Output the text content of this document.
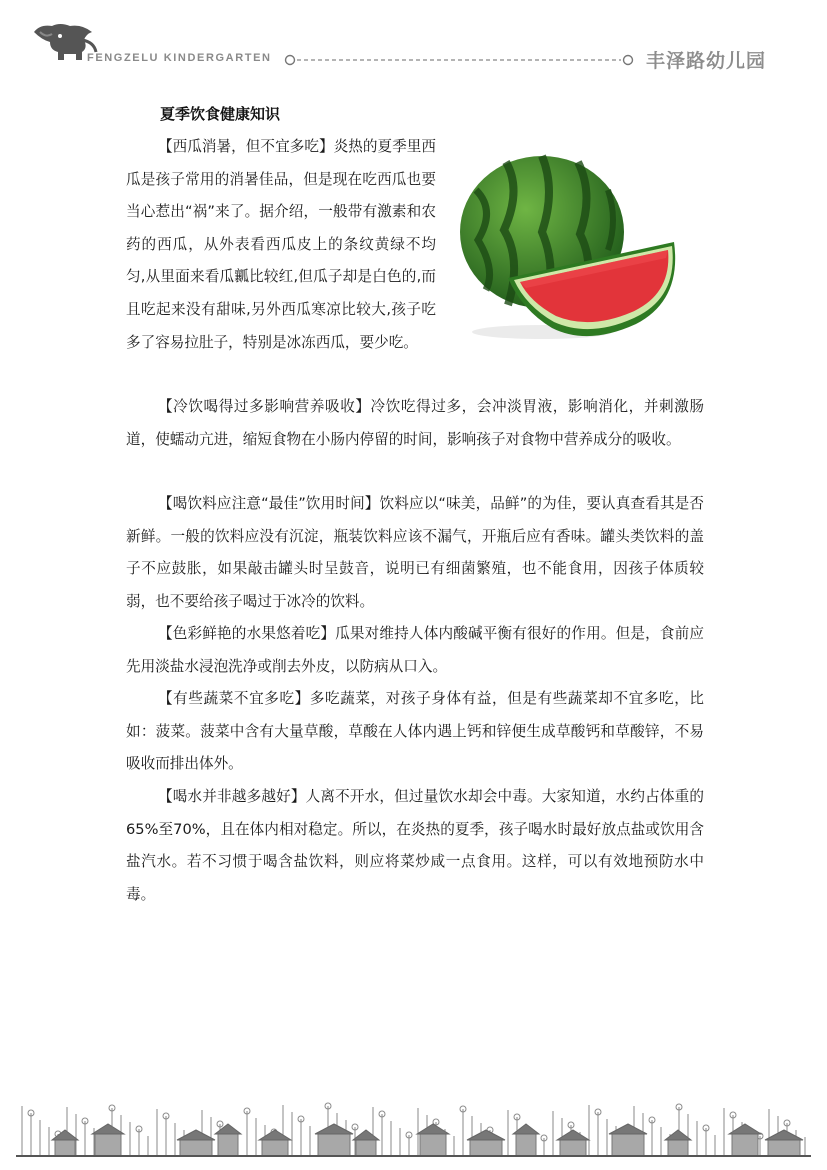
FENGZELU KINDERGARTEN	丰泽路幼儿园
夏季饮食健康知识
【西瓜消暑，但不宜多吃】炎热的夏季里西瓜是孩子常用的消暑佳品，但是现在吃西瓜也要当心惹出“祸”来了。据介绍，一般带有激素和农药的西瓜，从外表看西瓜皮上的条纹黄绿不均匀,从里面来看瓜瓤比较红,但瓜子却是白色的,而且吃起来没有甜味,另外西瓜寒凉比较大,孩子吃多了容易拉肚子，特别是冰冻西瓜，要少吃。
【冷饮喝得过多影响营养吸收】冷饮吃得过多，会冲淡胃液，影响消化，并刺激肠道，使蠕动亢进，缩短食物在小肠内停留的时间，影响孩子对食物中营养成分的吸收。
【喝饮料应注意“最佳”饮用时间】饮料应以“味美，品鲜”的为佳，要认真查看其是否新鲜。一般的饮料应没有沉淀，瓶装饮料应该不漏气，开瓶后应有香味。罐头类饮料的盖子不应鼓胀，如果敲击罐头时呈鼓音，说明已有细菌繁殖，也不能食用，因孩子体质较弱，也不要给孩子喝过于冰冷的饮料。
【色彩鲜艳的水果悠着吃】瓜果对维持人体内酸碱平衡有很好的作用。但是，食前应先用淡盐水浸泡洗净或削去外皮，以防病从口入。
【有些蔬菜不宜多吃】多吃蔬菜，对孩子身体有益，但是有些蔬菜却不宜多吃，比如：菠菜。菠菜中含有大量草酸，草酸在人体内遇上钙和锌便生成草酸钙和草酸锌，不易吸收而排出体外。
【喝水并非越多越好】人离不开水，但过量饮水却会中毒。大家知道，水约占体重的65%至70%，且在体内相对稳定。所以，在炎热的夏季，孩子喝水时最好放点盐或饮用含盐汽水。若不习惯于喝含盐饮料，则应将菜炒咸一点食用。这样，可以有效地预防水中毒。
